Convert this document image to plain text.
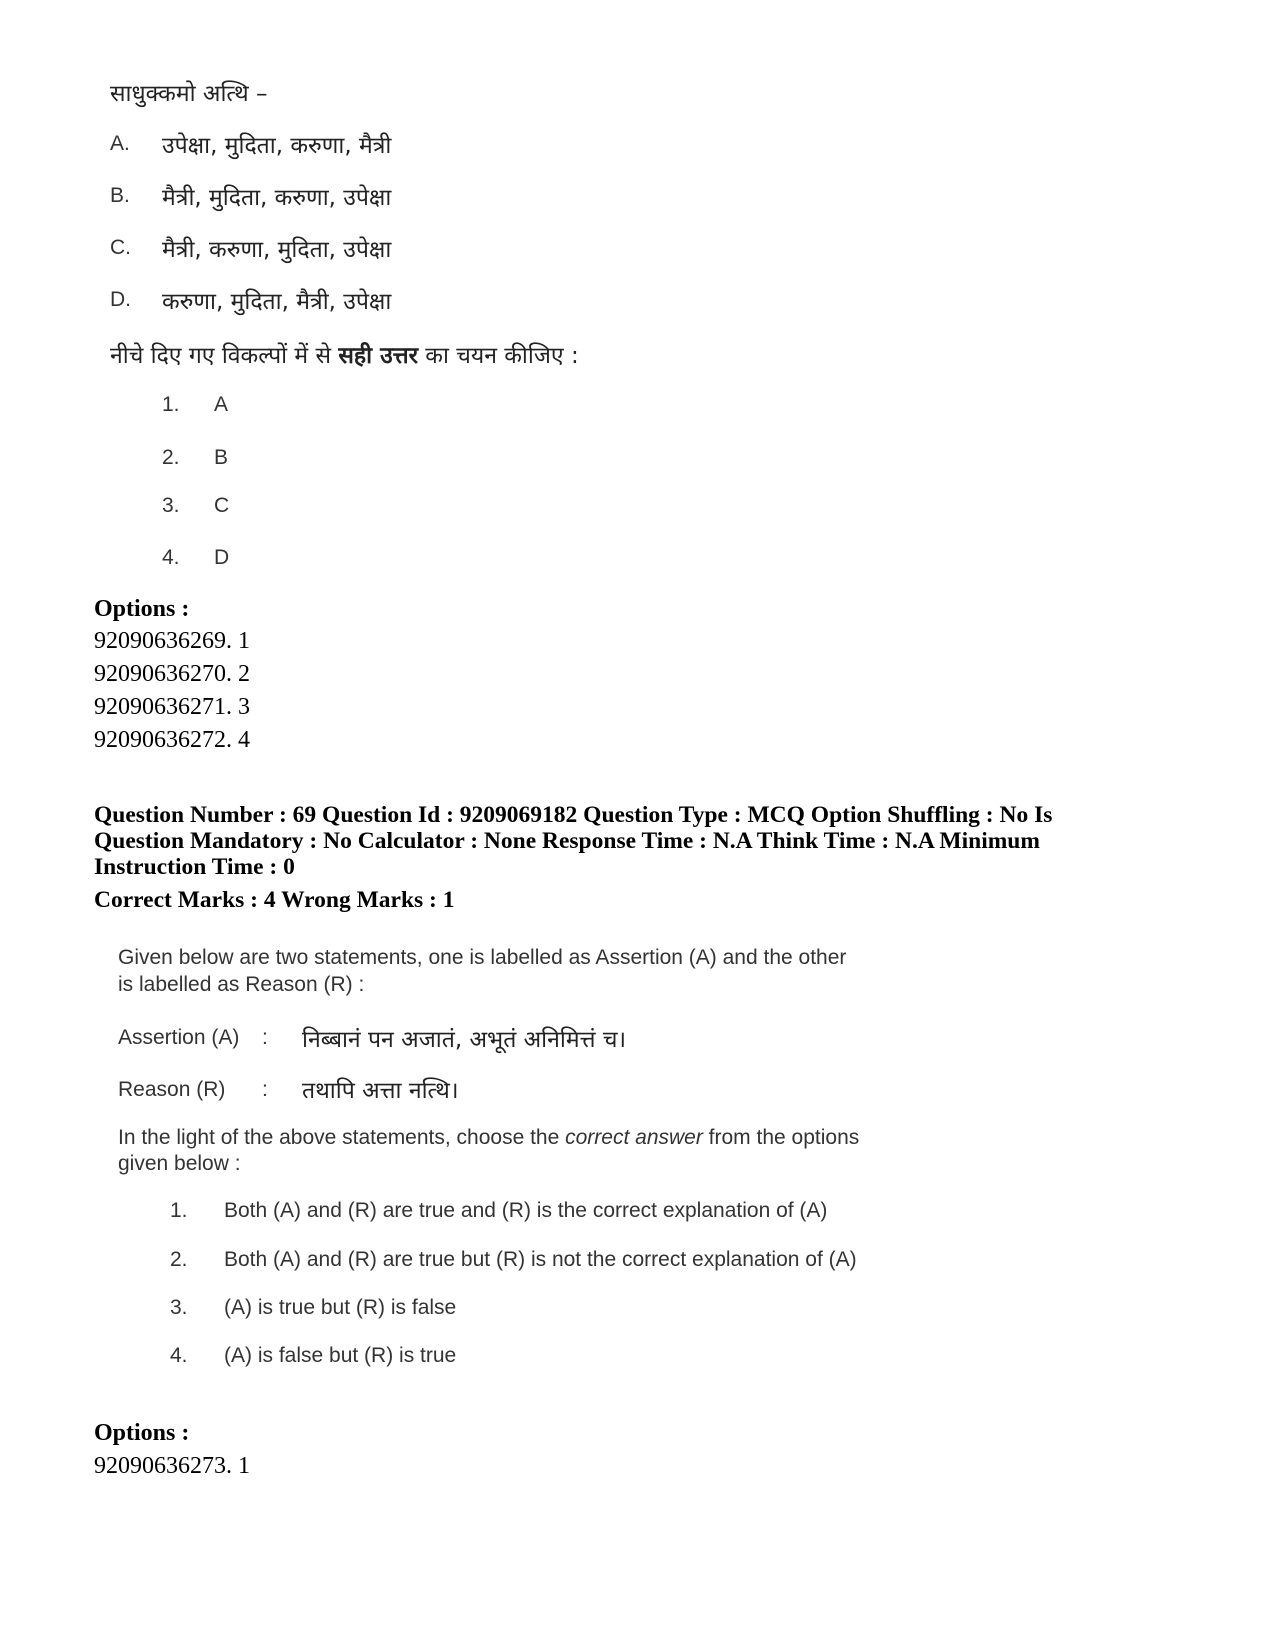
साधुक्कमो अत्थि –
A. उपेक्षा, मुदिता, करुणा, मैत्री
B. मैत्री, मुदिता, करुणा, उपेक्षा
C. मैत्री, करुणा, मुदिता, उपेक्षा
D. करुणा, मुदिता, मैत्री, उपेक्षा
नीचे दिए गए विकल्पों में से सही उत्तर का चयन कीजिए :
1. A
2. B
3. C
4. D
Options :
92090636269. 1
92090636270. 2
92090636271. 3
92090636272. 4
Question Number : 69 Question Id : 9209069182 Question Type : MCQ Option Shuffling : No Is
Question Mandatory : No Calculator : None Response Time : N.A Think Time : N.A Minimum
Instruction Time : 0
Correct Marks : 4 Wrong Marks : 1
Given below are two statements, one is labelled as Assertion (A) and the other
is labelled as Reason (R) :
Assertion (A) : निब्बानं पन अजातं, अभूतं अनिमित्तं च।
Reason (R) : तथापि अत्ता नत्थि।
In the light of the above statements, choose the correct answer from the options
given below :
1. Both (A) and (R) are true and (R) is the correct explanation of (A)
2. Both (A) and (R) are true but (R) is not the correct explanation of (A)
3. (A) is true but (R) is false
4. (A) is false but (R) is true
Options :
92090636273. 1
